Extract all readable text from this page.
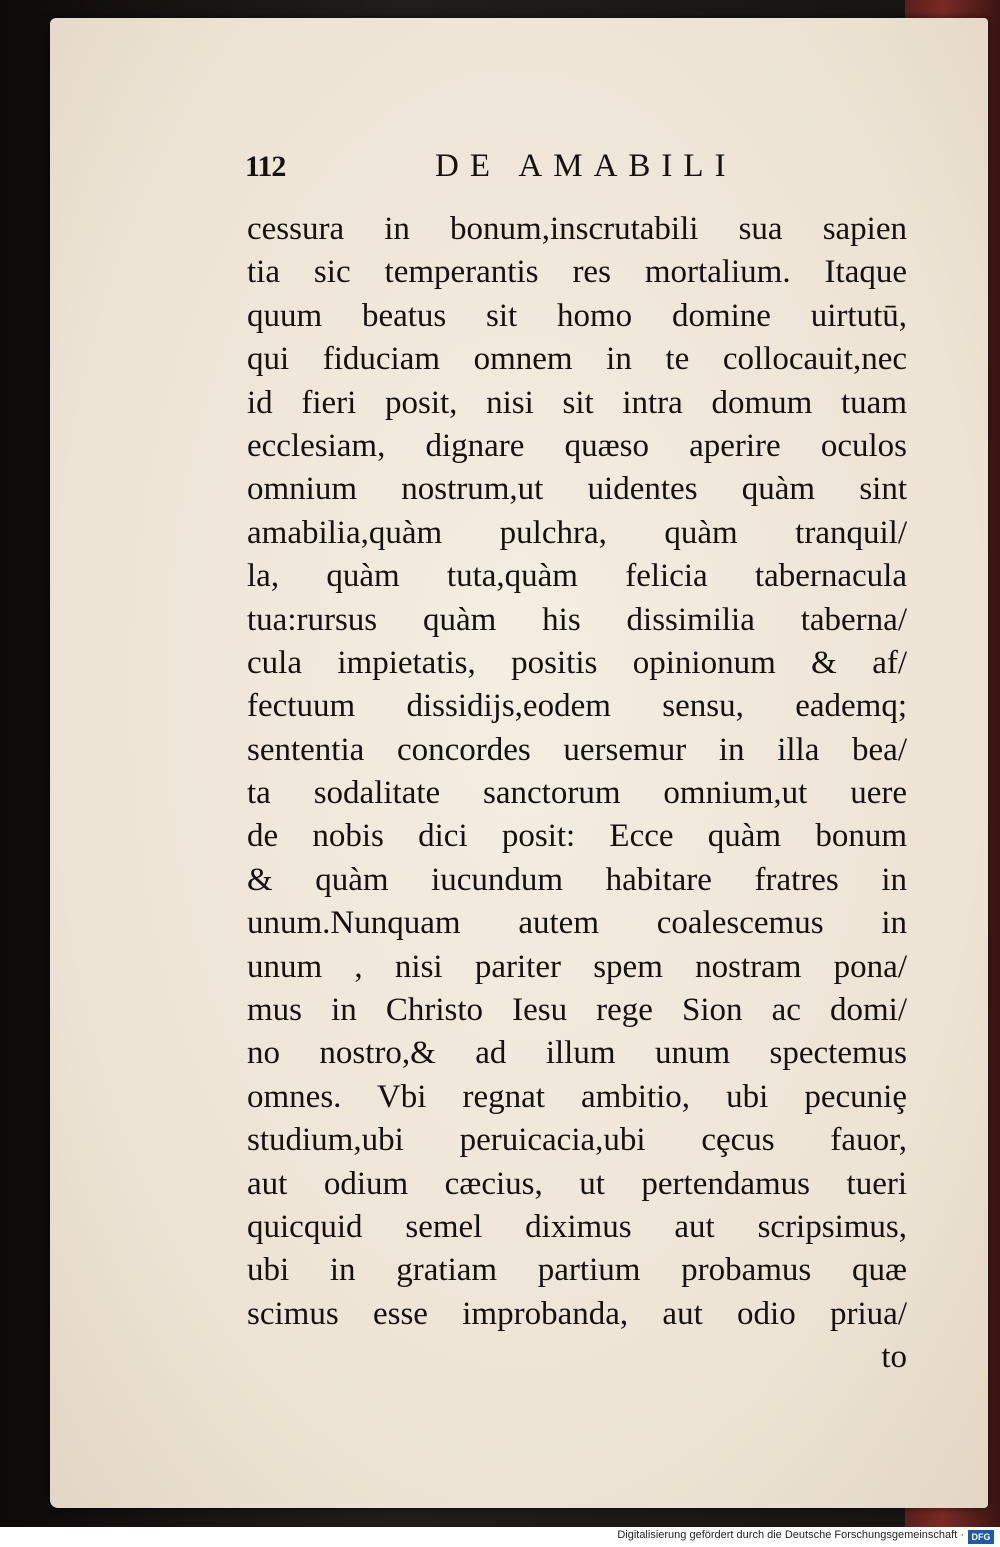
112	DE AMABILI
cessura in bonum,inscrutabili sua sapien
tia sic temperantis res mortalium. Itaque
quum beatus sit homo domine uirtutū,
qui fiduciam omnem in te collocauit,nec
id fieri posit, nisi sit intra domum tuam
ecclesiam, dignare quæso aperire oculos
omnium nostrum,ut uidentes quàm sint
amabilia,quàm pulchra, quàm tranquil/
la, quàm tuta,quàm felicia tabernacula
tua:rursus quàm his dissimilia taberna/
cula impietatis, positis opinionum & af/
fectuum dissidijs,eodem sensu, eademq;
sententia concordes uersemur in illa bea/
ta sodalitate sanctorum omnium,ut uere
de nobis dici posit: Ecce quàm bonum
& quàm iucundum habitare fratres in
unum.Nunquam autem coalescemus in
unum , nisi pariter spem nostram pona/
mus in Christo Iesu rege Sion ac domi/
no nostro,& ad illum unum spectemus
omnes. Vbi regnat ambitio, ubi pecuniȩ
studium,ubi peruicacia,ubi cȩcus fauor,
aut odium cæcius, ut pertendamus tueri
quicquid semel diximus aut scripsimus,
ubi in gratiam partium probamus quæ
scimus esse improbanda, aut odio priua/
to
Digitalisierung gefördert durch die Deutsche Forschungsgemeinschaft · DFG
